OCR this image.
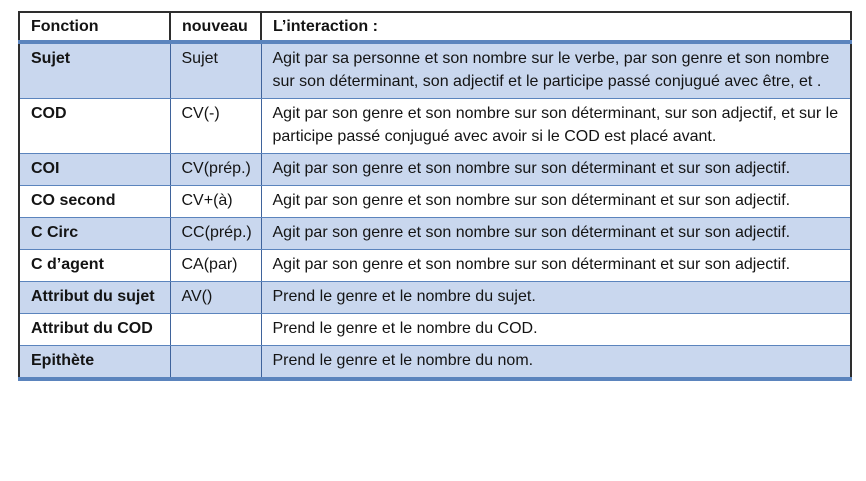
Fonction	nouveau	L’interaction :
Sujet	Sujet	Agit par sa personne et son nombre sur le verbe, par son genre et son nombre sur son déterminant, son adjectif et le participe passé conjugué avec être, et .
COD	CV(-)	Agit par son genre et son nombre sur son déterminant, sur son adjectif, et sur le participe passé conjugué avec avoir si le COD est placé avant.
COI	CV(prép.)	Agit par son genre et son nombre sur son déterminant et sur son adjectif.
CO second	CV+(à)	Agit par son genre et son nombre sur son déterminant et sur son adjectif.
C Circ	CC(prép.)	Agit par son genre et son nombre sur son déterminant et sur son adjectif.
C d’agent	CA(par)	Agit par son genre et son nombre sur son déterminant et sur son adjectif.
Attribut du sujet	AV()	Prend le genre et le nombre du sujet.
Attribut du COD		Prend le genre et le nombre du COD.
Epithète		Prend le genre et le nombre du nom.
